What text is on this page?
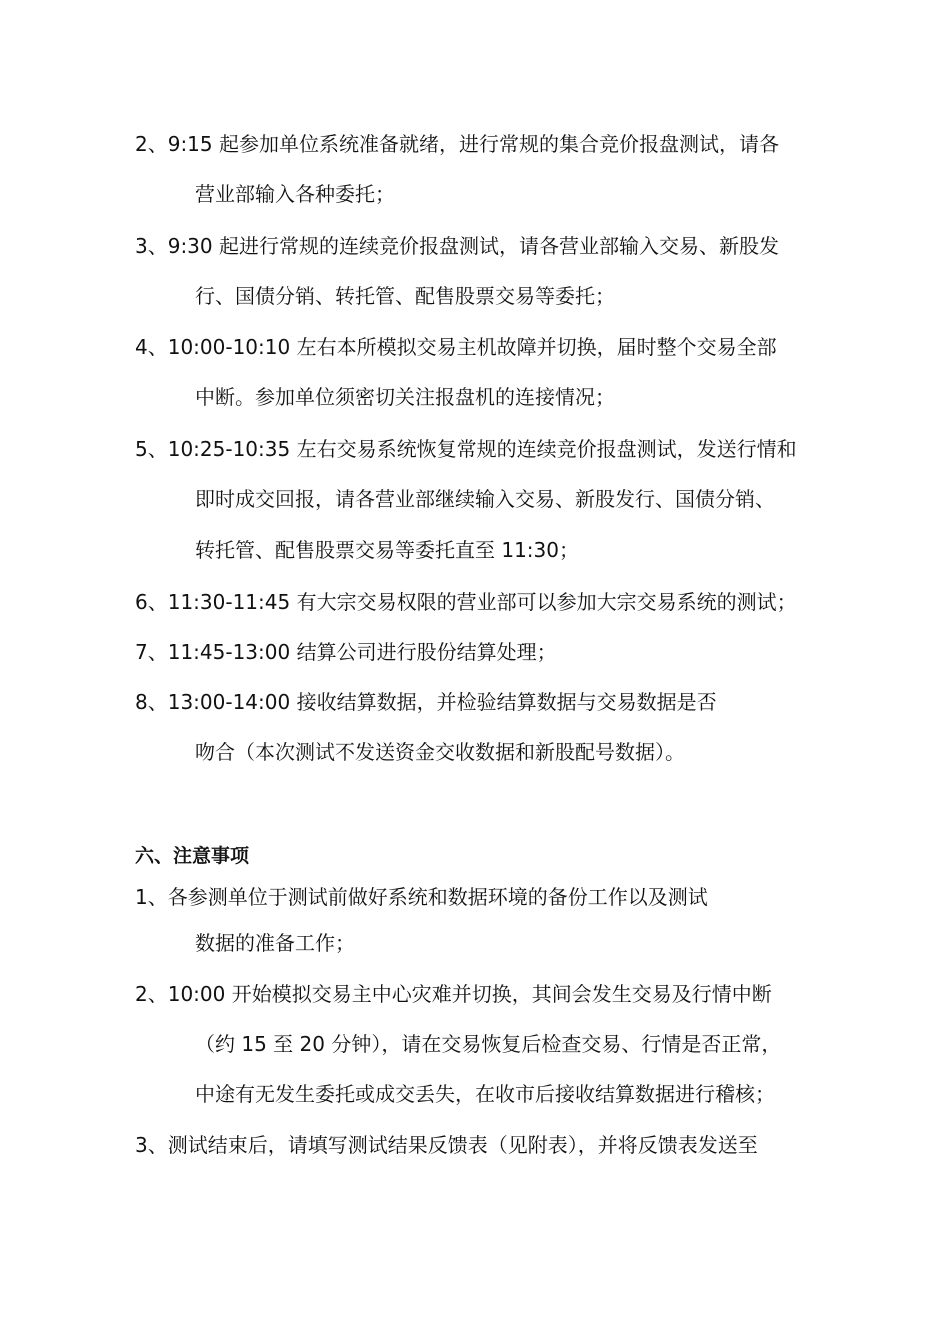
2、9:15 起参加单位系统准备就绪，进行常规的集合竞价报盘测试，请各
营业部输入各种委托；
3、9:30 起进行常规的连续竞价报盘测试，请各营业部输入交易、新股发
行、国债分销、转托管、配售股票交易等委托；
4、10:00-10:10 左右本所模拟交易主机故障并切换，届时整个交易全部
中断。参加单位须密切关注报盘机的连接情况；
5、10:25-10:35 左右交易系统恢复常规的连续竞价报盘测试，发送行情和
即时成交回报，请各营业部继续输入交易、新股发行、国债分销、
转托管、配售股票交易等委托直至 11:30；
6、11:30-11:45 有大宗交易权限的营业部可以参加大宗交易系统的测试；
7、11:45-13:00 结算公司进行股份结算处理；
8、13:00-14:00 接收结算数据，并检验结算数据与交易数据是否
吻合（本次测试不发送资金交收数据和新股配号数据）。
六、注意事项
1、各参测单位于测试前做好系统和数据环境的备份工作以及测试
数据的准备工作；
2、10:00 开始模拟交易主中心灾难并切换，其间会发生交易及行情中断
（约 15 至 20 分钟），请在交易恢复后检查交易、行情是否正常，
中途有无发生委托或成交丢失，在收市后接收结算数据进行稽核；
3、测试结束后，请填写测试结果反馈表（见附表），并将反馈表发送至
